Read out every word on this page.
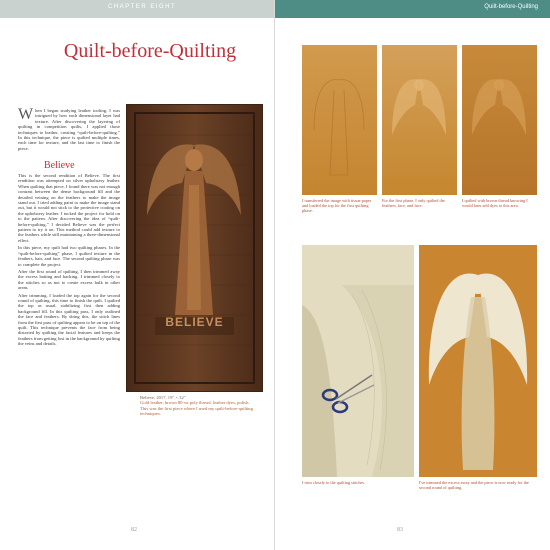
CHAPTER EIGHT
Quilt-before-Quilting
W hen I began studying leather tooling, I was intrigued by how each dimensional layer had texture. After discovering the layering of quilting in competition quilts, I applied those techniques to leather, creating “quilt-before-quilting.” In this technique, the piece is quilted multiple times, each time for texture, and the last time to finish the piece.
Believe

This is the second rendition of Believe. The first rendition was attempted on silver upholstery leather. When quilting that piece, I found there was not enough contrast between the dense background fill and the detailed veining on the feathers to make the image stand out. I tried adding paint to make the image stand out, but it would not stick to the protective coating on the upholstery leather. I tucked the project for hold on to the pattern. After discovering the idea of “quilt-before-quilting,” I decided Believe was the perfect pattern to try it on. This method could add texture to the feathers while still maintaining a three-dimensional effect.

In this piece, my quilt had two quilting phases. In the “quilt-before-quilting” phase, I quilted texture in the feathers, hair, and face. The second quilting phase was to complete the project.

After the first round of quilting, I then trimmed away the excess batting and backing. I trimmed closely to the stitches so as not to create excess bulk in other areas.

After trimming, I loaded the top again for the second round of quilting, this time to finish the quilt. I quilted the top as usual, stabilizing first then adding background fill. In this quilting pass, I only outlined the face and feathers. By doing this, the stitch lines from the first pass of quilting appear to be on top of the quilt. This technique prevents the face from being distorted by quilting the facial features and keeps the feathers from getting lost in the background by quilting the veins and details.

BELIEVE
Believe, 2017, 19" × 32"
Gold leather, brown 80-wt poly thread, leather dyes, polish.
This was the first piece where I used my quilt-before-quilting techniques.
82
Quilt-before-Quilting
I transferred the image with tissue paper and loaded the top for the first quilting phase.
For the first phase, I only quilted the feathers, face, and face.
I quilted with brown thread knowing I would later add dyes to this area.
I trim closely to the quilting stitches.	I've trimmed the excess away and the piece is now ready for the second round of quilting.
83
